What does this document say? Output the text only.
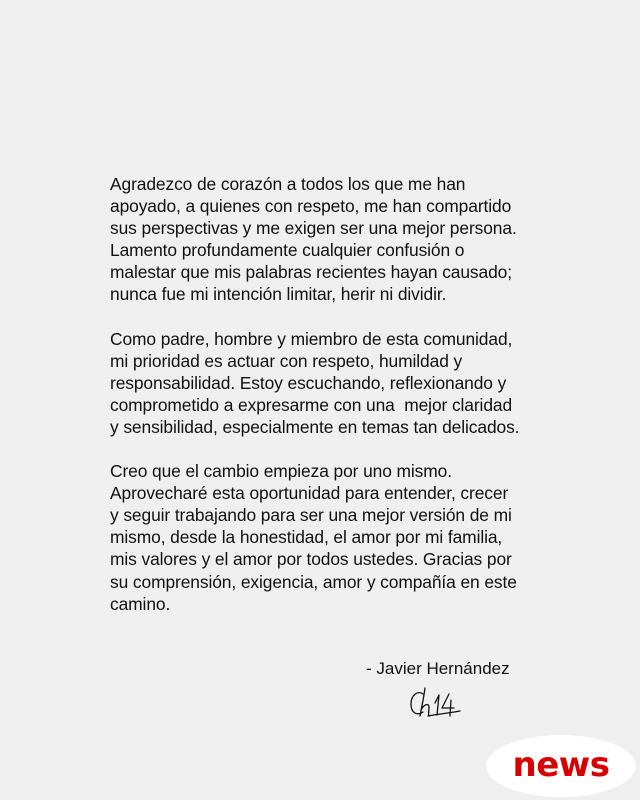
Agradezco de corazón a todos los que me han
apoyado, a quienes con respeto, me han compartido
sus perspectivas y me exigen ser una mejor persona.
Lamento profundamente cualquier confusión o
malestar que mis palabras recientes hayan causado;
nunca fue mi intención limitar, herir ni dividir.
Como padre, hombre y miembro de esta comunidad,
mi prioridad es actuar con respeto, humildad y
responsabilidad. Estoy escuchando, reflexionando y
comprometido a expresarme con una  mejor claridad
y sensibilidad, especialmente en temas tan delicados.
Creo que el cambio empieza por uno mismo.
Aprovecharé esta oportunidad para entender, crecer
y seguir trabajando para ser una mejor versión de mi
mismo, desde la honestidad, el amor por mi familia,
mis valores y el amor por todos ustedes. Gracias por
su comprensión, exigencia, amor y compañía en este
camino.
- Javier Hernández
news
